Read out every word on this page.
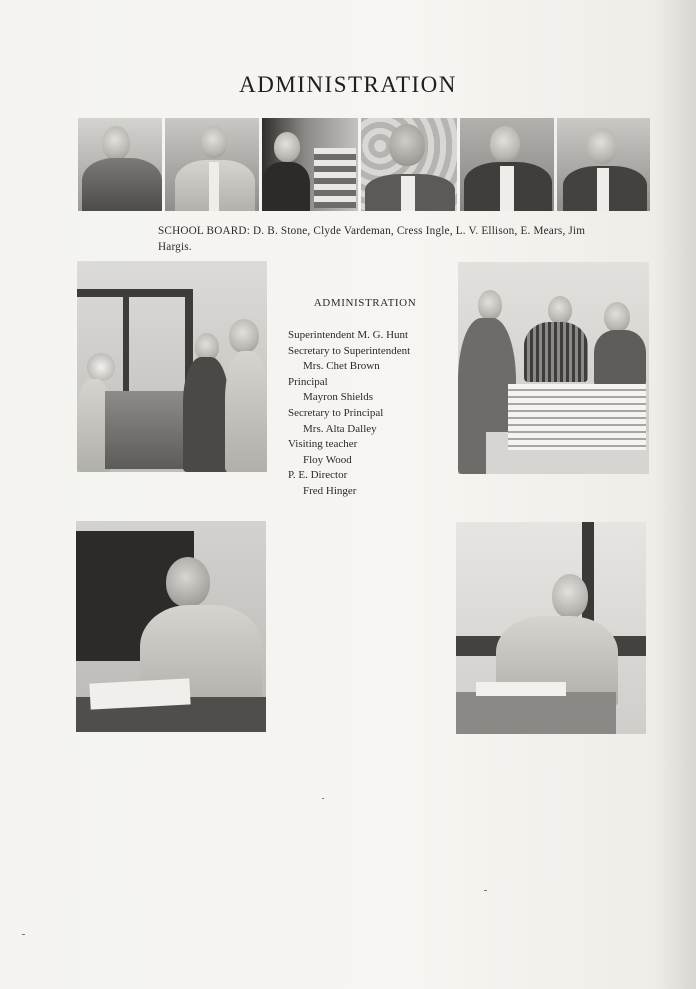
ADMINISTRATION
SCHOOL BOARD: D. B. Stone, Clyde Vardeman, Cress Ingle, L. V. Ellison, E. Mears, Jim Hargis.
ADMINISTRATION
Superintendent M. G. Hunt
Secretary to Superintendent
Mrs. Chet Brown
Principal
Mayron Shields
Secretary to Principal
Mrs. Alta Dalley
Visiting teacher
Floy Wood
P. E. Director
Fred Hinger
